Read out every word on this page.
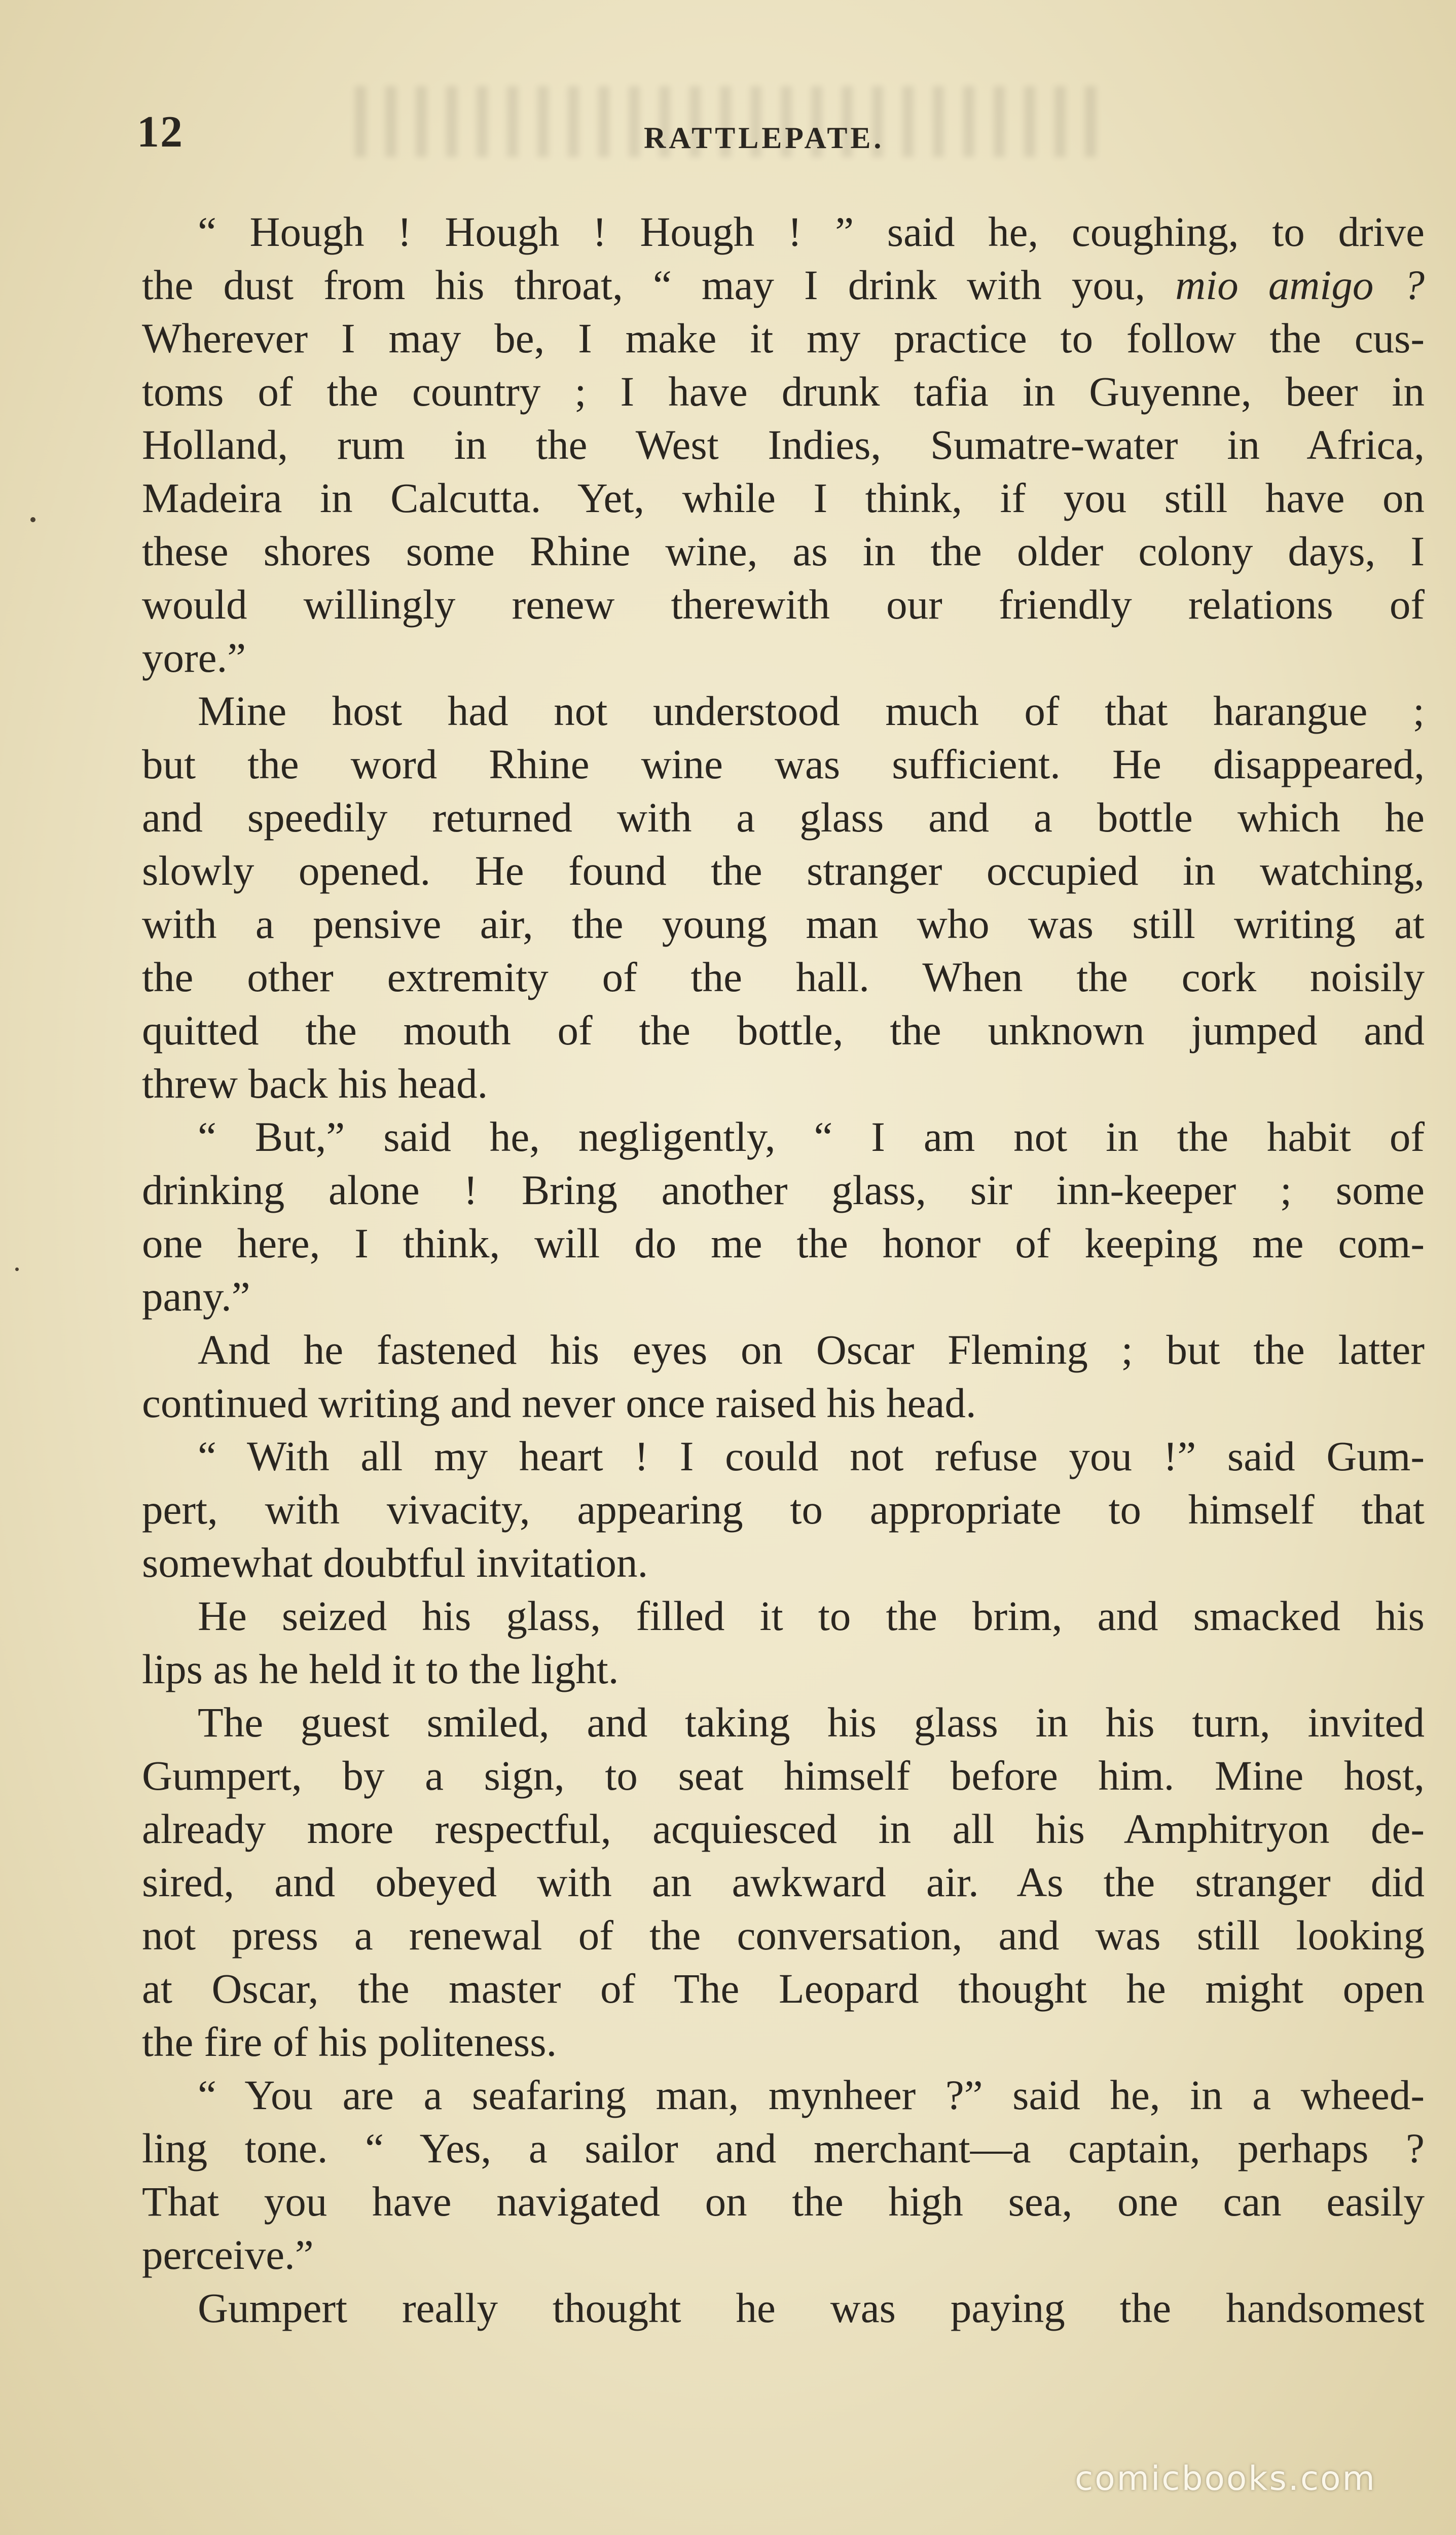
12	RATTLEPATE.
“ Hough ! Hough ! Hough ! ” said he, coughing, to drive
the dust from his throat, “ may I drink with you, mio amigo ?
Wherever I may be, I make it my practice to follow the cus-
toms of the country ; I have drunk tafia in Guyenne, beer in
Holland, rum in the West Indies, Sumatre-water in Africa,
Madeira in Calcutta. Yet, while I think, if you still have on
these shores some Rhine wine, as in the older colony days, I
would willingly renew therewith our friendly relations of
yore.”
Mine host had not understood much of that harangue ;
but the word Rhine wine was sufficient. He disappeared,
and speedily returned with a glass and a bottle which he
slowly opened. He found the stranger occupied in watching,
with a pensive air, the young man who was still writing at
the other extremity of the hall. When the cork noisily
quitted the mouth of the bottle, the unknown jumped and
threw back his head.
“ But,” said he, negligently, “ I am not in the habit of
drinking alone ! Bring another glass, sir inn-keeper ; some
one here, I think, will do me the honor of keeping me com-
pany.”
And he fastened his eyes on Oscar Fleming ; but the latter
continued writing and never once raised his head.
“ With all my heart ! I could not refuse you !” said Gum-
pert, with vivacity, appearing to appropriate to himself that
somewhat doubtful invitation.
He seized his glass, filled it to the brim, and smacked his
lips as he held it to the light.
The guest smiled, and taking his glass in his turn, invited
Gumpert, by a sign, to seat himself before him. Mine host,
already more respectful, acquiesced in all his Amphitryon de-
sired, and obeyed with an awkward air. As the stranger did
not press a renewal of the conversation, and was still looking
at Oscar, the master of The Leopard thought he might open
the fire of his politeness.
“ You are a seafaring man, mynheer ?” said he, in a wheed-
ling tone. “ Yes, a sailor and merchant—a captain, perhaps ?
That you have navigated on the high sea, one can easily
perceive.”
Gumpert really thought he was paying the handsomest
comicbooks.com
